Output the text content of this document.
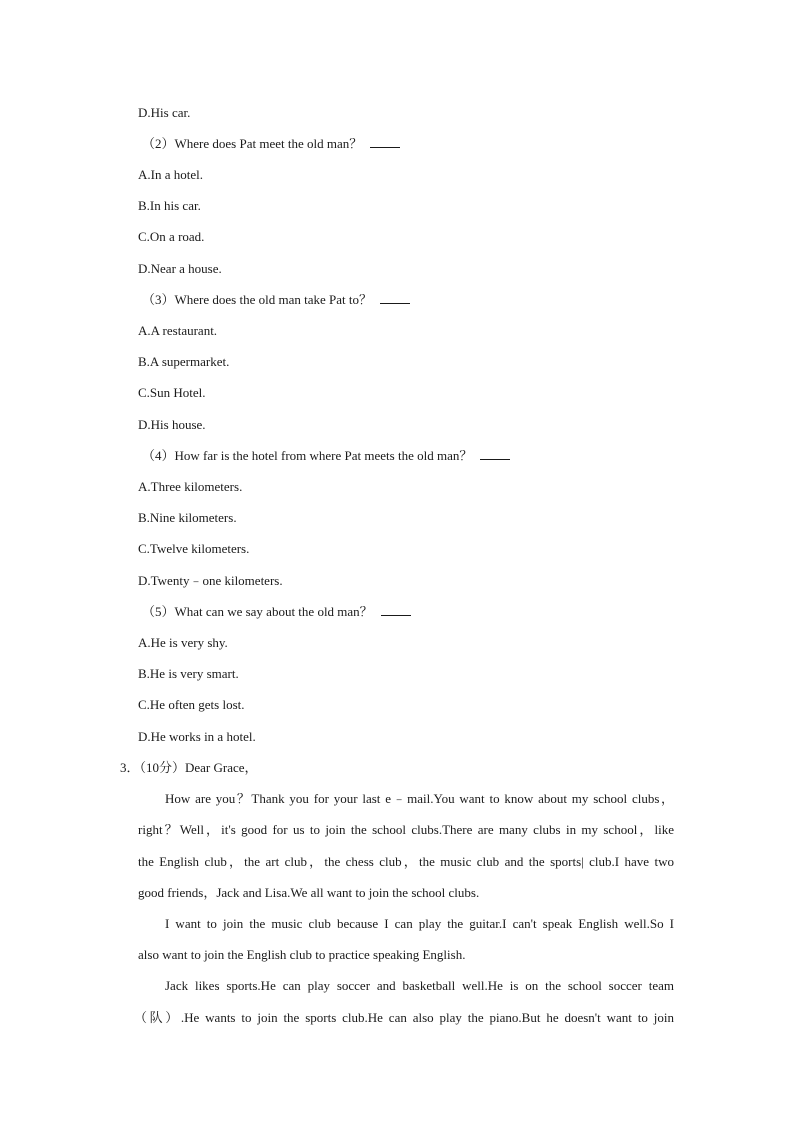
D.His car.
（2）Where does Pat meet the old man？
A.In a hotel.
B.In his car.
C.On a road.
D.Near a house.
（3）Where does the old man take Pat to？
A.A restaurant.
B.A supermarket.
C.Sun Hotel.
D.His house.
（4）How far is the hotel from where Pat meets the old man？
A.Three kilometers.
B.Nine kilometers.
C.Twelve kilometers.
D.Twenty﹣one kilometers.
（5）What can we say about the old man？
A.He is very shy.
B.He is very smart.
C.He often gets lost.
D.He works in a hotel.
3．（10分）Dear Grace，
How are you？Thank you for your last e﹣mail.You want to know about my school clubs，
right？Well，it's good for us to join the school clubs.There are many clubs in my school，like
the English club，the art club，the chess club，the music club and the sports| club.I have two
good friends，Jack and Lisa.We all want to join the school clubs.
I want to join the music club because I can play the guitar.I can't speak English well.So I
also want to join the English club to practice speaking English.
Jack likes sports.He can play soccer and basketball well.He is on the school soccer team
（队）.He wants to join the sports club.He can also play the piano.But he doesn't want to join
